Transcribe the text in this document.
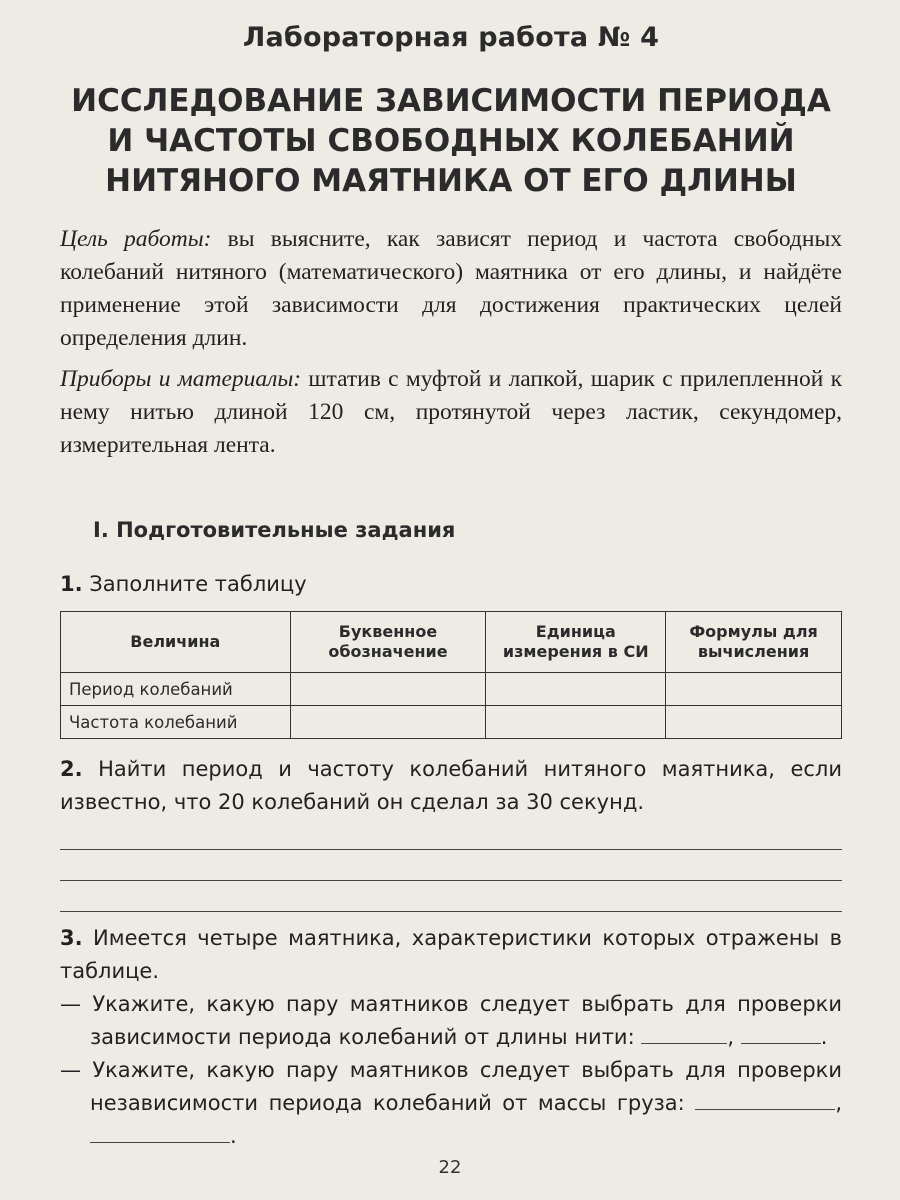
Лабораторная работа № 4
ИССЛЕДОВАНИЕ ЗАВИСИМОСТИ ПЕРИОДА
И ЧАСТОТЫ СВОБОДНЫХ КОЛЕБАНИЙ
НИТЯНОГО МАЯТНИКА ОТ ЕГО ДЛИНЫ

Цель работы: вы выясните, как зависят период и частота свободных колебаний нитяного (математического) маятника от его длины, и найдёте применение этой зависимости для достижения практических целей определения длин.

Приборы и материалы: штатив с муфтой и лапкой, шарик с прилепленной к нему нитью длиной 120 см, протянутой через ластик, секундомер, измерительная лента.

I. Подготовительные задания
1. Заполните таблицу
Величина	Буквенное обозначение	Единица измерения в СИ	Формулы для вычисления
Период колебаний			
Частота колебаний			
2. Найти период и частоту колебаний нитяного маятника, если известно, что 20 колебаний он сделал за 30 секунд.
3. Имеется четыре маятника, характеристики которых отражены в таблице.
— Укажите, какую пару маятников следует выбрать для проверки зависимости периода колебаний от длины нити:	,	.
— Укажите, какую пару маятников следует выбрать для проверки независимости периода колебаний от массы груза:	, .
22
